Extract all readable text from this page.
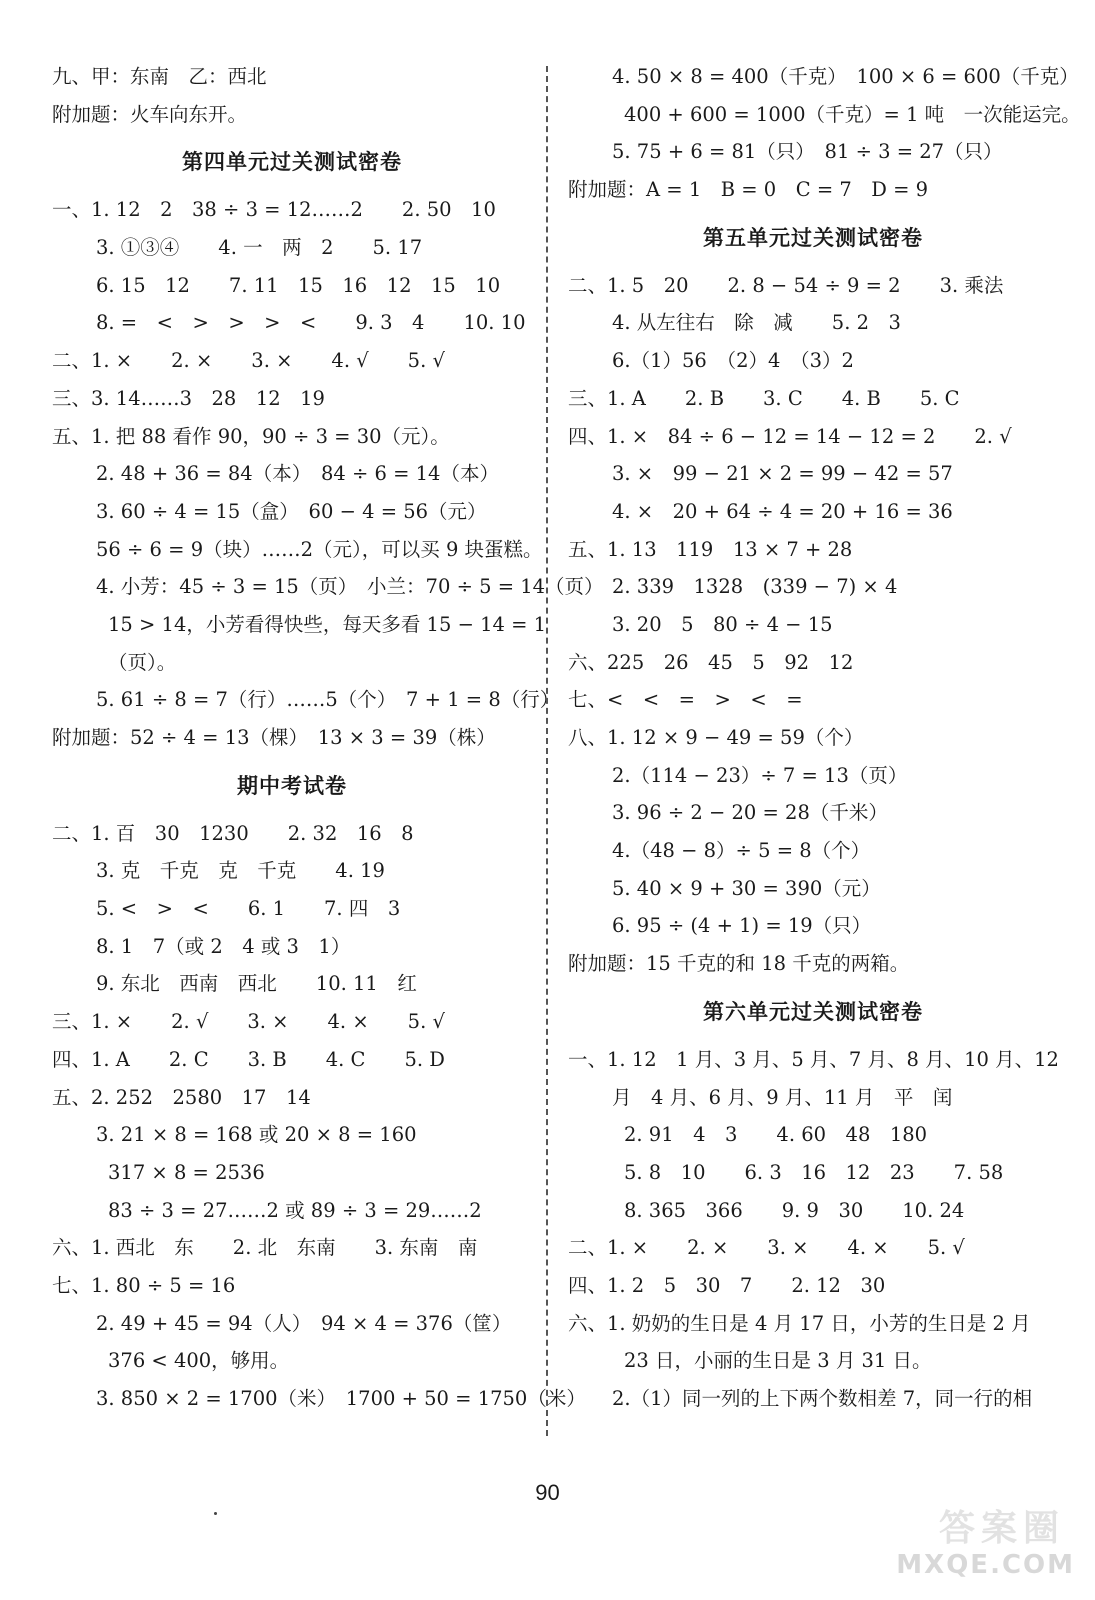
九、甲：东南　乙：西北
附加题：火车向东开。
第四单元过关测试密卷
一、1. 12　2　38 ÷ 3 = 12……2　　2. 50　10
3. ①③④　　4. 一　两　2　　5. 17
6. 15　12　　7. 11　15　16　12　15　10
8. =　<　>　>　>　<　　9. 3　4　　10. 10
二、1. ×　　2. ×　　3. ×　　4. √　　5. √
三、3. 14……3　28　12　19
五、1. 把 88 看作 90，90 ÷ 3 = 30（元）。
2. 48 + 36 = 84（本）　84 ÷ 6 = 14（本）
3. 60 ÷ 4 = 15（盒）　60 − 4 = 56（元）
56 ÷ 6 = 9（块）……2（元），可以买 9 块蛋糕。
4. 小芳：45 ÷ 3 = 15（页）　小兰：70 ÷ 5 = 14（页）
15 > 14，小芳看得快些，每天多看 15 − 14 = 1
（页）。
5. 61 ÷ 8 = 7（行）……5（个）　7 + 1 = 8（行）
附加题：52 ÷ 4 = 13（棵）　13 × 3 = 39（株）
期中考试卷
二、1. 百　30　1230　　2. 32　16　8
3. 克　千克　克　千克　　4. 19
5. <　>　<　　6. 1　　7. 四　3
8. 1　7（或 2　4 或 3　1）
9. 东北　西南　西北　　10. 11　红
三、1. ×　　2. √　　3. ×　　4. ×　　5. √
四、1. A　　2. C　　3. B　　4. C　　5. D
五、2. 252　2580　17　14
3. 21 × 8 = 168 或 20 × 8 = 160
317 × 8 = 2536
83 ÷ 3 = 27……2 或 89 ÷ 3 = 29……2
六、1. 西北　东　　2. 北　东南　　3. 东南　南
七、1. 80 ÷ 5 = 16
2. 49 + 45 = 94（人）　94 × 4 = 376（筐）
376 < 400，够用。
3. 850 × 2 = 1700（米）　1700 + 50 = 1750（米）
4. 50 × 8 = 400（千克）　100 × 6 = 600（千克）
400 + 600 = 1000（千克）= 1 吨　一次能运完。
5. 75 + 6 = 81（只）　81 ÷ 3 = 27（只）
附加题：A = 1　B = 0　C = 7　D = 9
第五单元过关测试密卷
二、1. 5　20　　2. 8 − 54 ÷ 9 = 2　　3. 乘法
4. 从左往右　除　减　　5. 2　3
6.（1）56　（2）4　（3）2
三、1. A　　2. B　　3. C　　4. B　　5. C
四、1. ×　84 ÷ 6 − 12 = 14 − 12 = 2　　2. √
3. ×　99 − 21 × 2 = 99 − 42 = 57
4. ×　20 + 64 ÷ 4 = 20 + 16 = 36
五、1. 13　119　13 × 7 + 28
2. 339　1328　(339 − 7) × 4
3. 20　5　80 ÷ 4 − 15
六、225　26　45　5　92　12
七、<　<　=　>　<　=
八、1. 12 × 9 − 49 = 59（个）
2.（114 − 23）÷ 7 = 13（页）
3. 96 ÷ 2 − 20 = 28（千米）
4.（48 − 8）÷ 5 = 8（个）
5. 40 × 9 + 30 = 390（元）
6. 95 ÷ (4 + 1) = 19（只）
附加题：15 千克的和 18 千克的两箱。
第六单元过关测试密卷
一、1. 12　1 月、3 月、5 月、7 月、8 月、10 月、12
月　4 月、6 月、9 月、11 月　平　闰
2. 91　4　3　　4. 60　48　180
5. 8　10　　6. 3　16　12　23　　7. 58
8. 365　366　　9. 9　30　　10. 24
二、1. ×　　2. ×　　3. ×　　4. ×　　5. √
四、1. 2　5　30　7　　2. 12　30
六、1. 奶奶的生日是 4 月 17 日，小芳的生日是 2 月
23 日，小丽的生日是 3 月 31 日。
2.（1）同一列的上下两个数相差 7，同一行的相
90
答案圈
MXQE.COM
